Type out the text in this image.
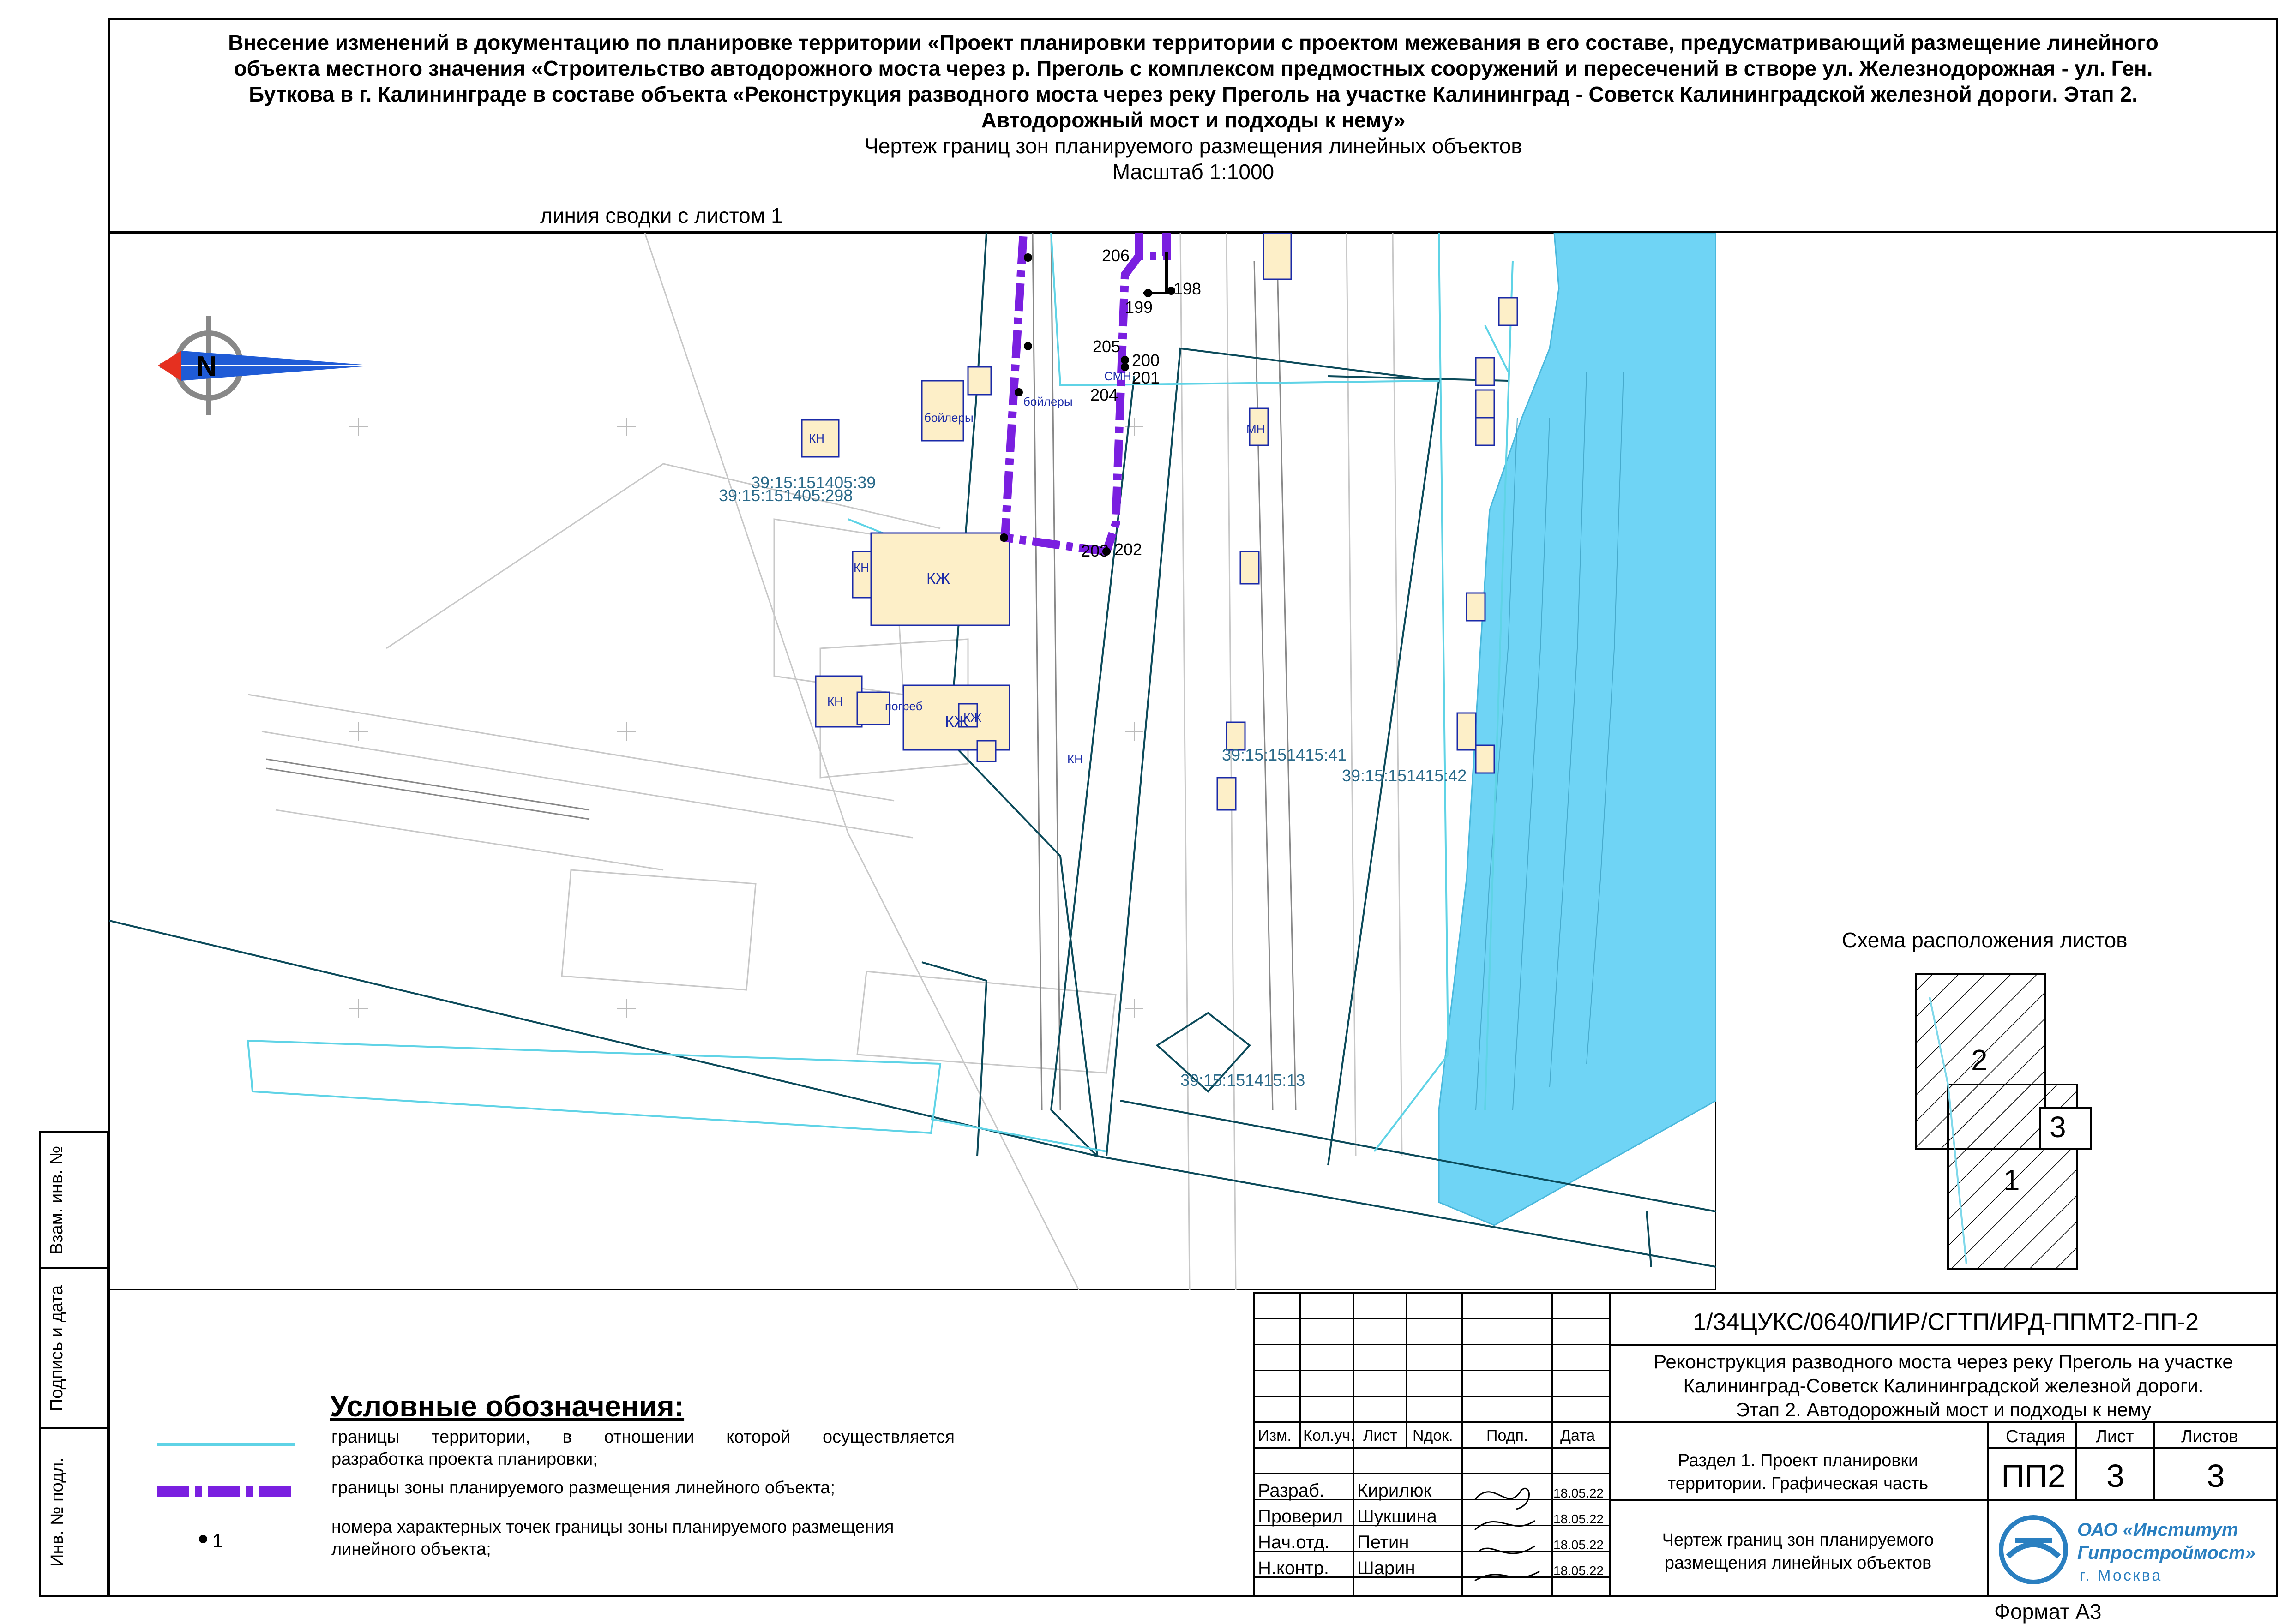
Внесение изменений в документацию по планировке территории «Проект планировки территории с проектом межевания в его составе, предусматривающий размещение линейного
объекта местного значения «Строительство автодорожного моста через р. Преголь с комплексом предмостных сооружений и пересечений в створе ул. Железнодорожная - ул. Ген.
Буткова в г. Калининграде в составе объекта «Реконструкция разводного моста через реку Преголь на участке Калининград - Советск Калининградской железной дороги. Этап 2.
Автодорожный мост и подходы к нему»
Чертеж границ зон планируемого размещения линейных объектов
Масштаб 1:1000
линия сводки с листом 1
N
206
205
204
203 202
201
200
199
198
39:15:151405:39
39:15:151405:298
39:15:151415:41
39:15:151415:42
39:15:151415:13
КН
КЖ
КН
КЖ
КН
КН
погреб
МН
бойлеры
бойлеры
СМН
КЖ
Схема расположения листов
2
3
1
Взам. инв. №
Подпись и дата
Инв. № подл.
Условные обозначения:
1
границы территории, в отношении которой осуществляется
разработка проекта планировки;
границы зоны планируемого размещения линейного объекта;
номера характерных точек границы зоны планируемого размещения
линейного объекта;
1/34ЦУКС/0640/ПИР/СГТП/ИРД-ППМТ2-ПП-2
Реконструкция разводного моста через реку Преголь на участке
Калининград-Советск Калининградской железной дороги.
Этап 2. Автодорожный мост и подходы к нему
Изм. Кол.уч. Лист Nдок. Подп. Дата
Разраб. Кирилюк	18.05.22
Проверил Шукшина	18.05.22
Нач.отд. Петин	18.05.22
Н.контр. Шарин	18.05.22
Раздел 1. Проект планировки
территории. Графическая часть
Стадия Лист	Листов
ПП2	3	3
Чертеж границ зон планируемого
размещения линейных объектов
ОАО «Институт
Гипростроймост»
г. Москва
Формат А3
